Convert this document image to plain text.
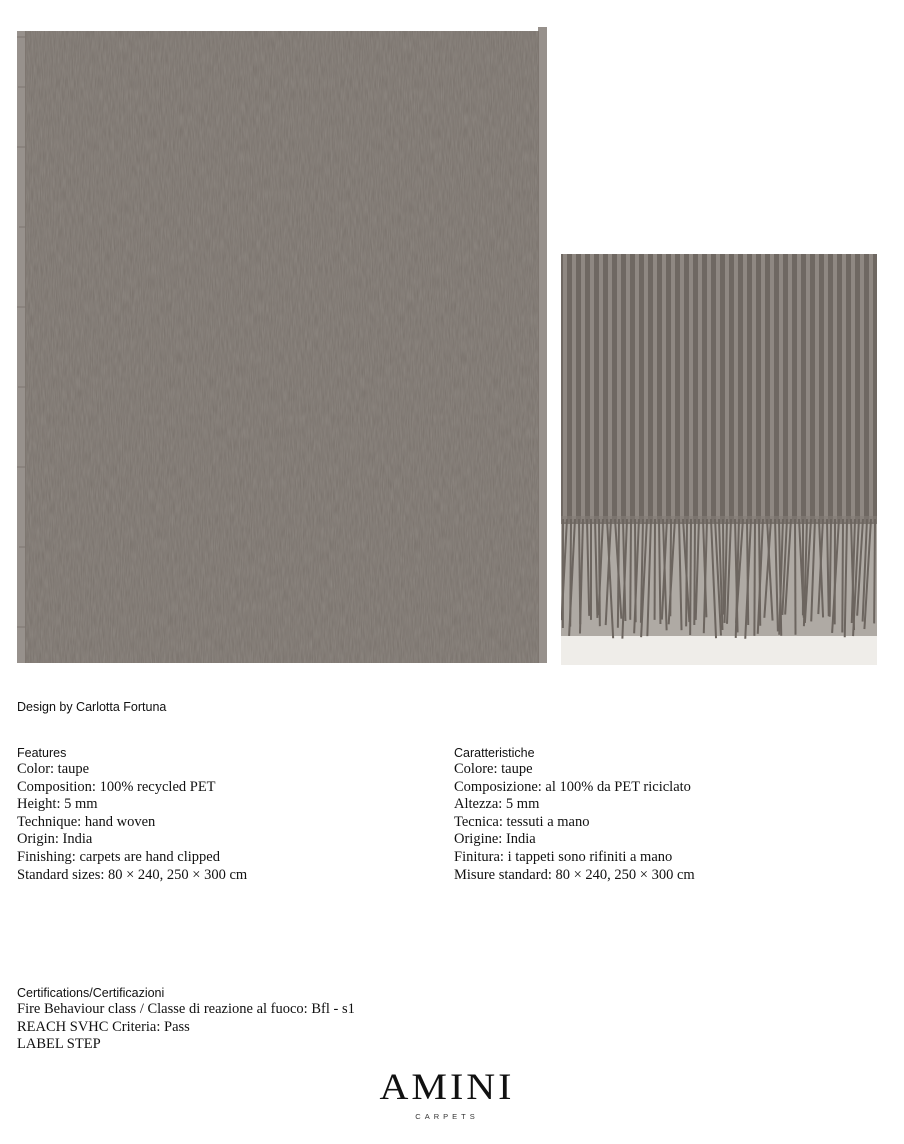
Design by Carlotta Fortuna

Features

Color: taupe
Composition: 100% recycled PET
Height: 5 mm
Technique: hand woven
Origin: India
Finishing: carpets are hand clipped
Standard sizes: 80 × 240, 250 × 300 cm

Caratteristiche

Colore: taupe
Composizione: al 100% da PET riciclato
Altezza: 5 mm
Tecnica: tessuti a mano
Origine: India
Finitura: i tappeti sono rifiniti a mano
Misure standard: 80 × 240, 250 × 300 cm

Certifications/Certificazioni

Fire Behaviour class / Classe di reazione al fuoco: Bfl - s1
REACH SVHC Criteria: Pass
LABEL STEP
AMINI
CARPETS
